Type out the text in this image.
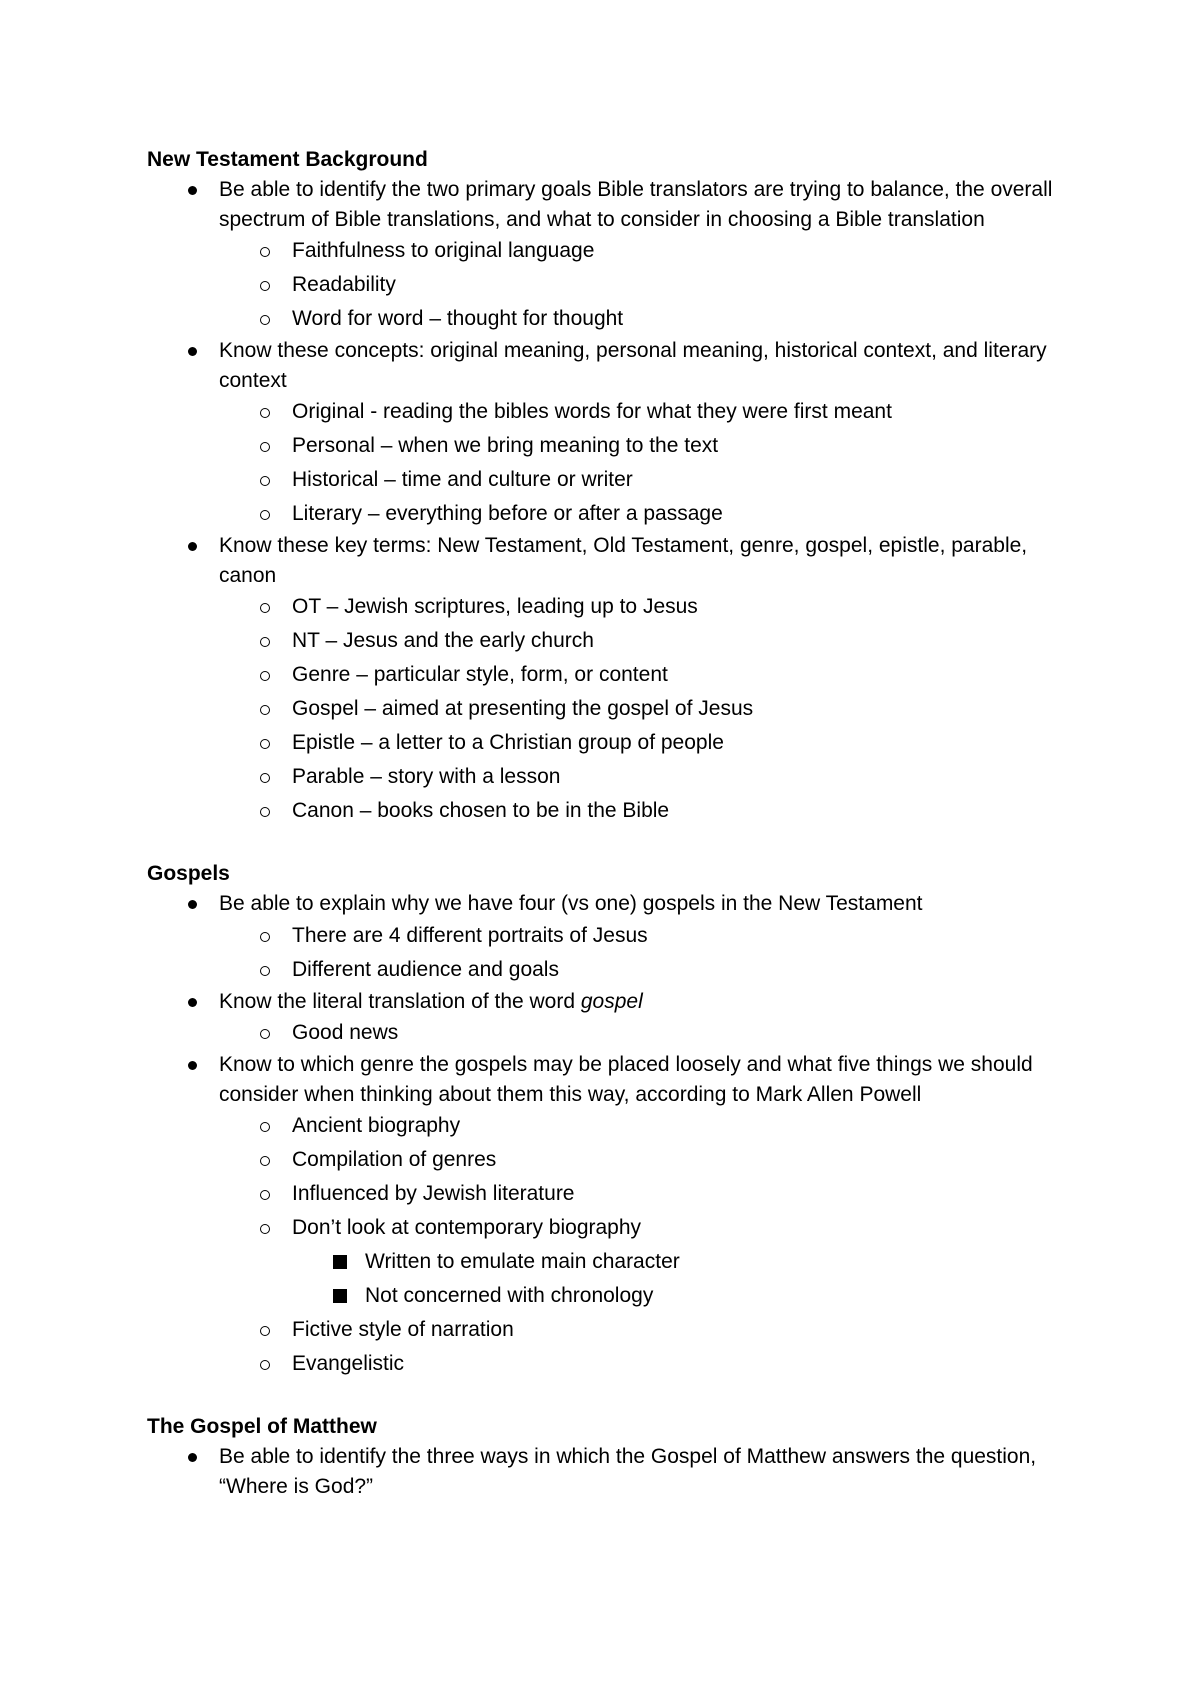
New Testament Background
Be able to identify the two primary goals Bible translators are trying to balance, the overall spectrum of Bible translations, and what to consider in choosing a Bible translation
Faithfulness to original language
Readability
Word for word – thought for thought
Know these concepts: original meaning, personal meaning, historical context, and literary context
Original - reading the bibles words for what they were first meant
Personal – when we bring meaning to the text
Historical – time and culture or writer
Literary – everything before or after a passage
Know these key terms: New Testament, Old Testament, genre, gospel, epistle, parable, canon
OT – Jewish scriptures, leading up to Jesus
NT – Jesus and the early church
Genre – particular style, form, or content
Gospel – aimed at presenting the gospel of Jesus
Epistle – a letter to a Christian group of people
Parable – story with a lesson
Canon – books chosen to be in the Bible
Gospels
Be able to explain why we have four (vs one) gospels in the New Testament
There are 4 different portraits of Jesus
Different audience and goals
Know the literal translation of the word gospel
Good news
Know to which genre the gospels may be placed loosely and what five things we should consider when thinking about them this way, according to Mark Allen Powell
Ancient biography
Compilation of genres
Influenced by Jewish literature
Don’t look at contemporary biography
Written to emulate main character
Not concerned with chronology
Fictive style of narration
Evangelistic
The Gospel of Matthew
Be able to identify the three ways in which the Gospel of Matthew answers the question, “Where is God?”
